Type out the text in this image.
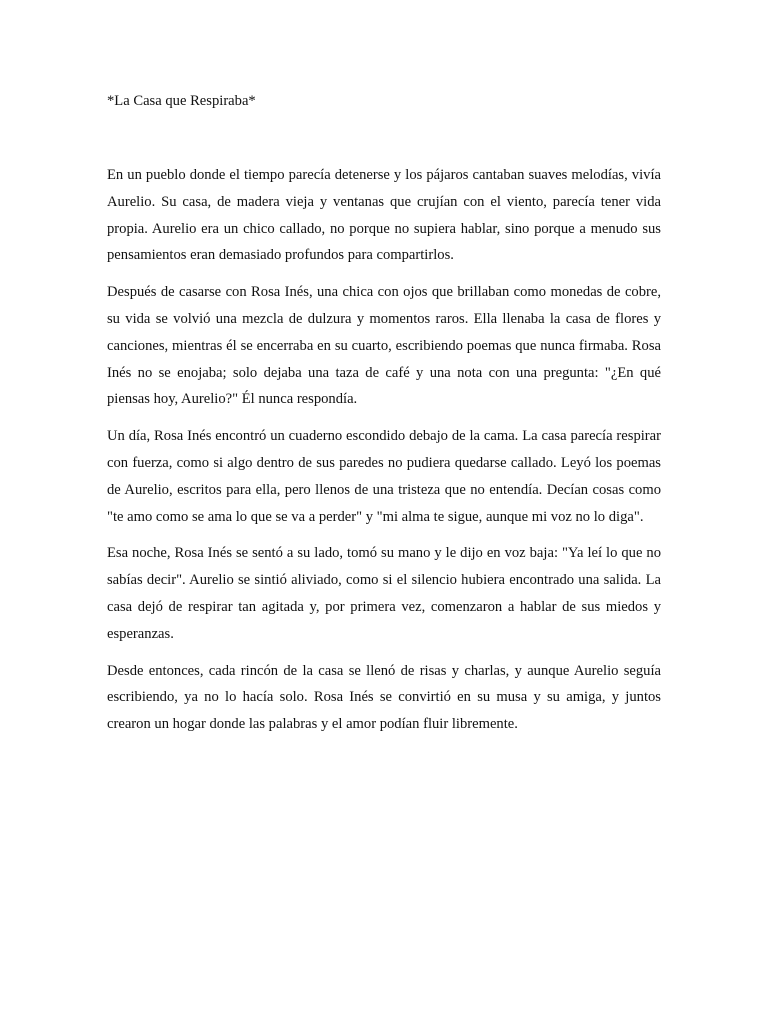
*La Casa que Respiraba*

En un pueblo donde el tiempo parecía detenerse y los pájaros cantaban suaves melodías, vivía Aurelio. Su casa, de madera vieja y ventanas que crujían con el viento, parecía tener vida propia. Aurelio era un chico callado, no porque no supiera hablar, sino porque a menudo sus pensamientos eran demasiado profundos para compartirlos.

Después de casarse con Rosa Inés, una chica con ojos que brillaban como monedas de cobre, su vida se volvió una mezcla de dulzura y momentos raros. Ella llenaba la casa de flores y canciones, mientras él se encerraba en su cuarto, escribiendo poemas que nunca firmaba. Rosa Inés no se enojaba; solo dejaba una taza de café y una nota con una pregunta: "¿En qué piensas hoy, Aurelio?" Él nunca respondía.

Un día, Rosa Inés encontró un cuaderno escondido debajo de la cama. La casa parecía respirar con fuerza, como si algo dentro de sus paredes no pudiera quedarse callado. Leyó los poemas de Aurelio, escritos para ella, pero llenos de una tristeza que no entendía. Decían cosas como "te amo como se ama lo que se va a perder" y "mi alma te sigue, aunque mi voz no lo diga".

Esa noche, Rosa Inés se sentó a su lado, tomó su mano y le dijo en voz baja: "Ya leí lo que no sabías decir". Aurelio se sintió aliviado, como si el silencio hubiera encontrado una salida. La casa dejó de respirar tan agitada y, por primera vez, comenzaron a hablar de sus miedos y esperanzas.

Desde entonces, cada rincón de la casa se llenó de risas y charlas, y aunque Aurelio seguía escribiendo, ya no lo hacía solo. Rosa Inés se convirtió en su musa y su amiga, y juntos crearon un hogar donde las palabras y el amor podían fluir libremente.
